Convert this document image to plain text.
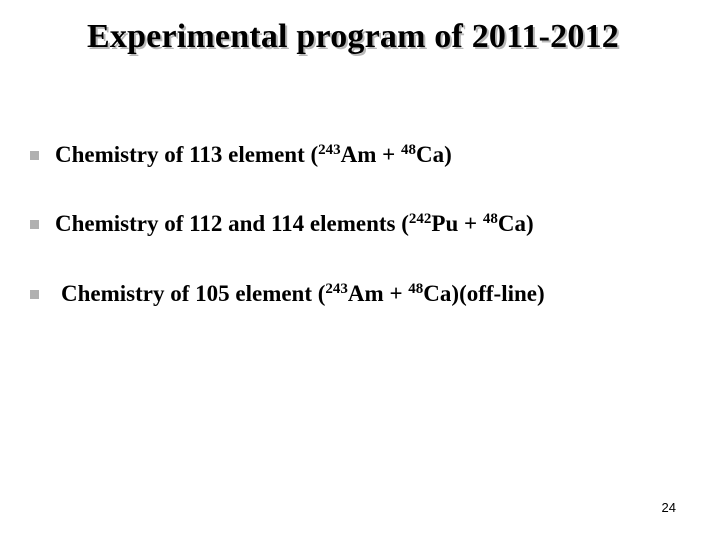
Experimental program of 2011-2012
Chemistry of 113 element ($^{243}$Am + $^{48}$Ca)
Chemistry of 112 and 114 elements ($^{242}$Pu + $^{48}$Ca)
Chemistry of 105 element ($^{243}$Am + $^{48}$Ca)(off-line)
24
